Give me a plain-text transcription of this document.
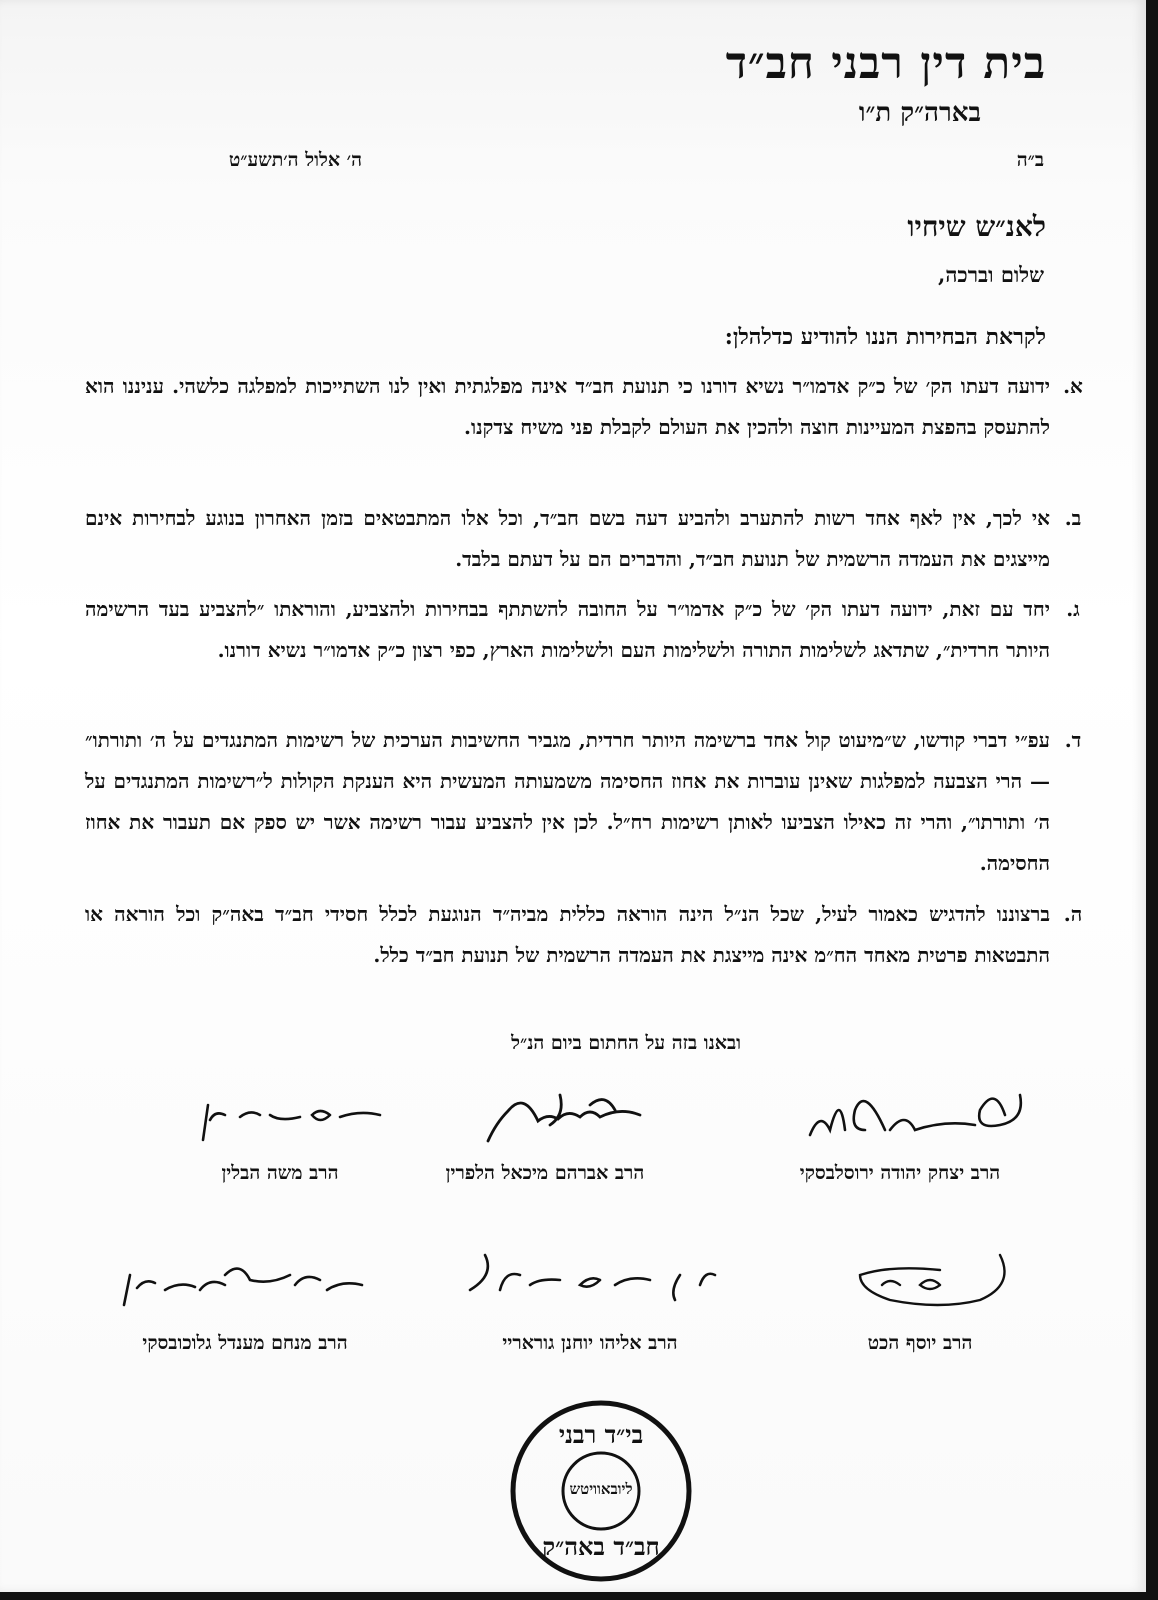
בית דין רבני חב״ד
בארה״ק ת״ו
ב״ה
ה׳ אלול ה׳תשע״ט
לאנ״ש שיחיו
שלום וברכה,
לקראת הבחירות הננו להודיע כדלהלן:
א.
ידועה דעתו הק׳ של כ״ק אדמו״ר נשיא דורנו כי תנועת חב״ד אינה מפלגתית ואין לנו השתייכות למפלגה כלשהי. עניננו הוא להתעסק בהפצת המעיינות חוצה ולהכין את העולם לקבלת פני משיח צדקנו.
ב.
אי לכך, אין לאף אחד רשות להתערב ולהביע דעה בשם חב״ד, וכל אלו המתבטאים בזמן האחרון בנוגע לבחירות אינם מייצגים את העמדה הרשמית של תנועת חב״ד, והדברים הם על דעתם בלבד.
ג.
יחד עם זאת, ידועה דעתו הק׳ של כ״ק אדמו״ר על החובה להשתתף בבחירות ולהצביע, והוראתו ״להצביע בעד הרשימה היותר חרדית״, שתדאג לשלימות התורה ולשלימות העם ולשלימות הארץ, כפי רצון כ״ק אדמו״ר נשיא דורנו.
ד.
עפ״י דברי קודשו, ש״מיעוט קול אחד ברשימה היותר חרדית, מגביר החשיבות הערכית של רשימות המתנגדים על ה׳ ותורתו״ — הרי הצבעה למפלגות שאינן עוברות את אחוז החסימה משמעותה המעשית היא הענקת הקולות ל״רשימות המתנגדים על ה׳ ותורתו״, והרי זה כאילו הצביעו לאותן רשימות רח״ל. לכן אין להצביע עבור רשימה אשר יש ספק אם תעבור את אחוז החסימה.
ה.
ברצוננו להדגיש כאמור לעיל, שכל הנ״ל הינה הוראה כללית מביה״ד הנוגעת לכלל חסידי חב״ד באה״ק וכל הוראה או התבטאות פרטית מאחד הח״מ אינה מייצגת את העמדה הרשמית של תנועת חב״ד כלל.
ובאנו בזה על החתום ביום הנ״ל
הרב יצחק יהודה ירוסלבסקי
הרב אברהם מיכאל הלפרין
הרב משה הבלין
הרב יוסף הכט
הרב אליהו יוחנן גוראריי
הרב מנחם מענדל גלוכובסקי
בי״ד רבני
ליובאוויטש
חב״ד באה״ק
